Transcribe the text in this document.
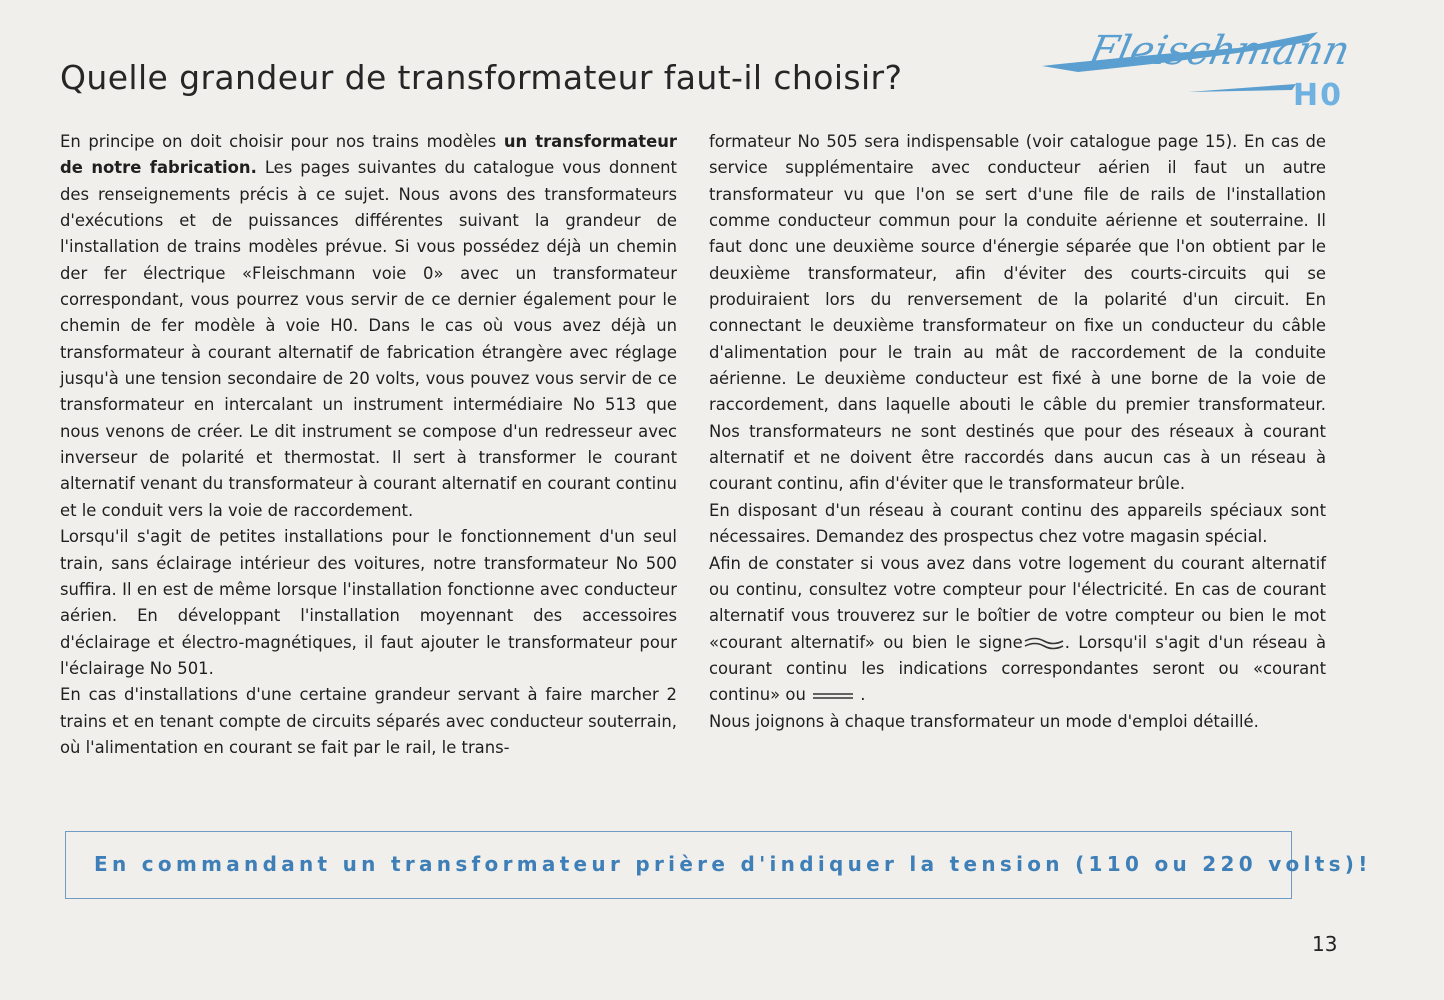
Quelle grandeur de transformateur faut-il choisir?
Fleischmann
H0

En principe on doit choisir pour nos trains modèles un transformateur de notre fabrication. Les pages suivantes du catalogue vous donnent des renseignements précis à ce sujet. Nous avons des transformateurs d'exécutions et de puissances différentes suivant la grandeur de l'installation de trains modèles prévue. Si vous possédez déjà un chemin der fer électrique «Fleischmann voie 0» avec un transformateur correspondant, vous pourrez vous servir de ce dernier également pour le chemin de fer modèle à voie H0. Dans le cas où vous avez déjà un transformateur à courant alternatif de fabrication étrangère avec réglage jusqu'à une tension secondaire de 20 volts, vous pouvez vous servir de ce transformateur en intercalant un instrument intermédiaire No 513 que nous venons de créer. Le dit instrument se compose d'un redresseur avec inverseur de polarité et thermostat. Il sert à transformer le courant alternatif venant du transformateur à courant alternatif en courant continu et le conduit vers la voie de raccordement.

Lorsqu'il s'agit de petites installations pour le fonctionnement d'un seul train, sans éclairage intérieur des voitures, notre transformateur No 500 suffira. Il en est de même lorsque l'installation fonctionne avec conducteur aérien. En développant l'installation moyennant des accessoires d'éclairage et électro-magnétiques, il faut ajouter le transformateur pour l'éclairage No 501.

En cas d'installations d'une certaine grandeur servant à faire marcher 2 trains et en tenant compte de circuits séparés avec conducteur souterrain, où l'alimentation en courant se fait par le rail, le trans-

formateur No 505 sera indispensable (voir catalogue page 15). En cas de service supplémentaire avec conducteur aérien il faut un autre transformateur vu que l'on se sert d'une file de rails de l'installation comme conducteur commun pour la conduite aérienne et souterraine. Il faut donc une deuxième source d'énergie séparée que l'on obtient par le deuxième transformateur, afin d'éviter des courts-circuits qui se produiraient lors du renversement de la polarité d'un circuit. En connectant le deuxième transformateur on fixe un conducteur du câble d'alimentation pour le train au mât de raccordement de la conduite aérienne. Le deuxième conducteur est fixé à une borne de la voie de raccordement, dans laquelle abouti le câble du premier transformateur. Nos transformateurs ne sont destinés que pour des réseaux à courant alternatif et ne doivent être raccordés dans aucun cas à un réseau à courant continu, afin d'éviter que le transformateur brûle.

En disposant d'un réseau à courant continu des appareils spéciaux sont nécessaires. Demandez des prospectus chez votre magasin spécial.

Afin de constater si vous avez dans votre logement du courant alternatif ou continu, consultez votre compteur pour l'électricité. En cas de courant alternatif vous trouverez sur le boîtier de votre compteur ou bien le mot «courant alternatif» ou bien le signe	. Lorsqu'il s'agit d'un réseau à courant continu les indications correspondantes seront ou «courant continu» ou	.

Nous joignons à chaque transformateur un mode d'emploi détaillé.

En commandant un transformateur prière d'indiquer la tension (110 ou 220 volts)!
13
